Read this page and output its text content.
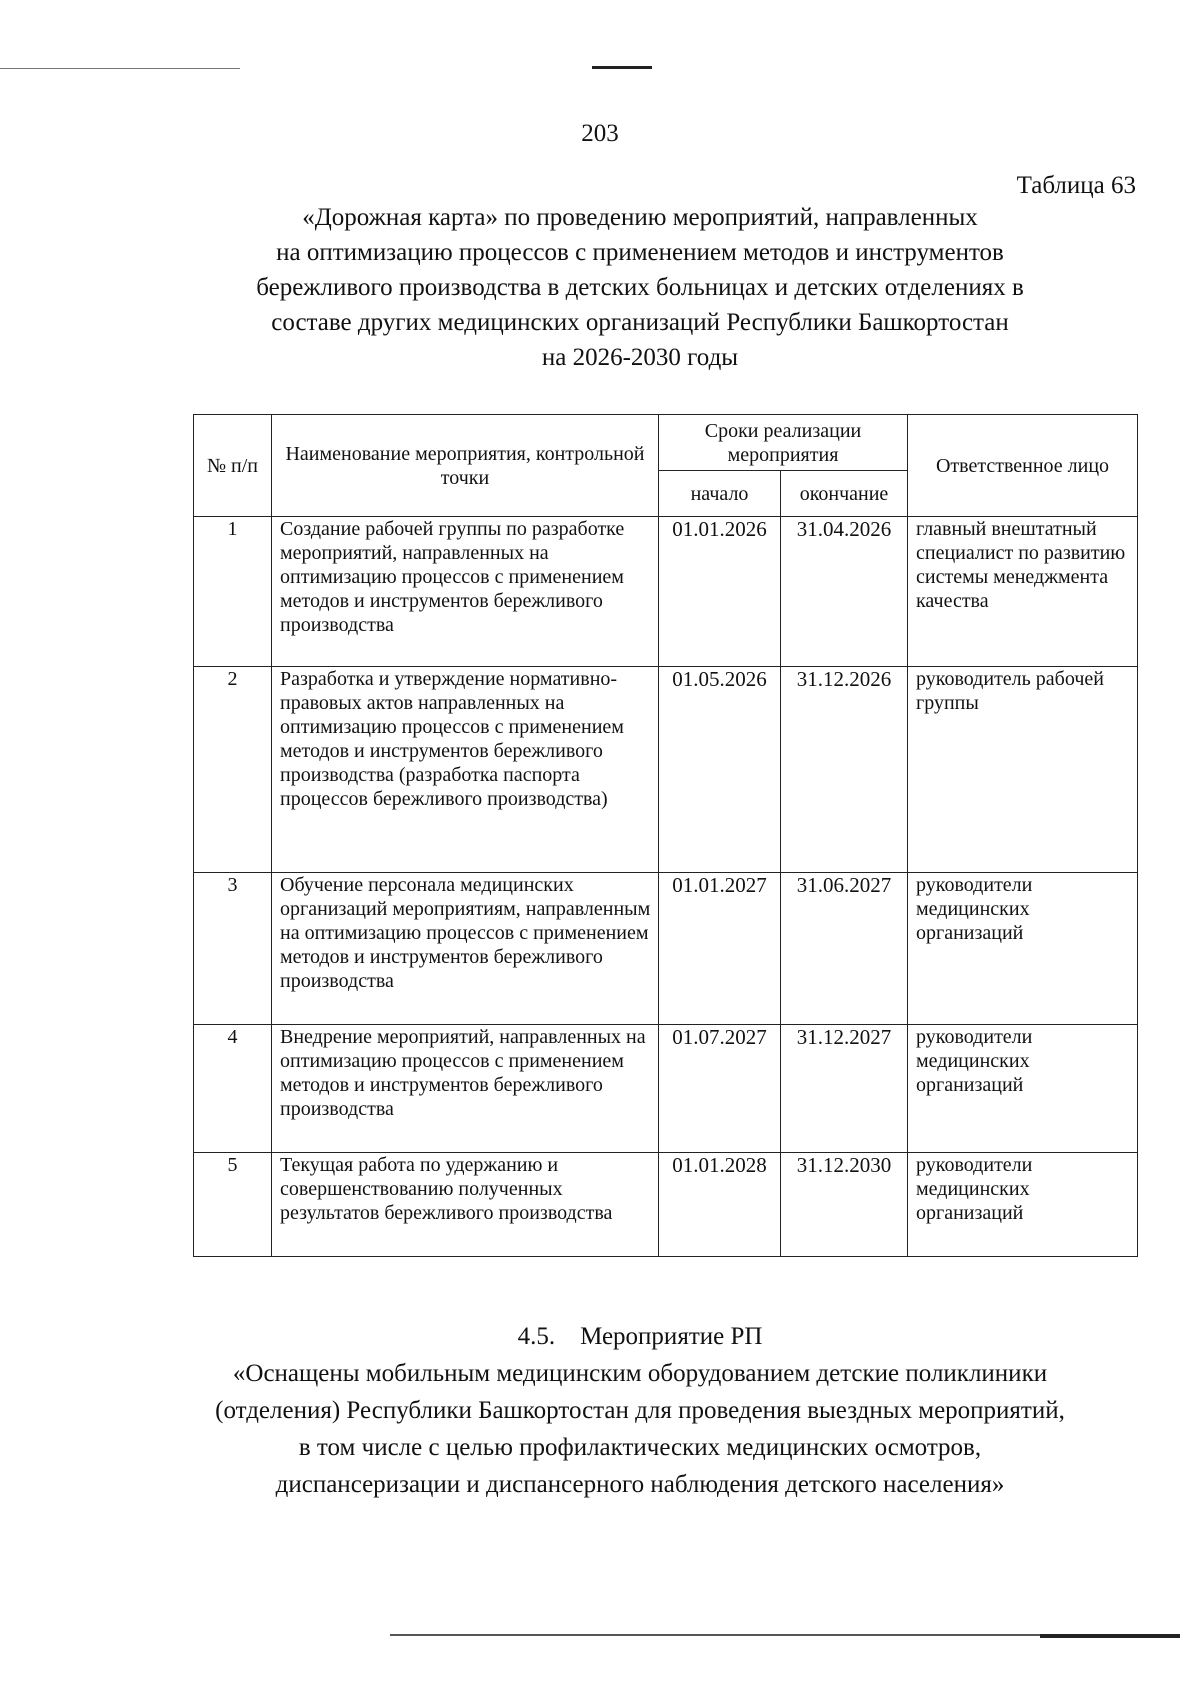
203
Таблица 63
«Дорожная карта» по проведению мероприятий, направленных
на оптимизацию процессов с применением методов и инструментов
бережливого производства в детских больницах и детских отделениях в
составе других медицинских организаций Республики Башкортостан
на 2026-2030 годы
№ п/п	Наименование мероприятия, контрольной точки	Сроки реализации мероприятия		Ответственное лицо
		начало	окончание	
1	Создание рабочей группы по разработке мероприятий, направленных на оптимизацию процессов с применением методов и инструментов бережливого производства	01.01.2026	31.04.2026	главный внештатный специалист по развитию системы менеджмента качества
2	Разработка и утверждение нормативно-правовых актов направленных на оптимизацию процессов с применением методов и инструментов бережливого производства (разработка паспорта процессов бережливого производства)	01.05.2026	31.12.2026	руководитель рабочей группы
3	Обучение персонала медицинских организаций мероприятиям, направленным на оптимизацию процессов с применением методов и инструментов бережливого производства	01.01.2027	31.06.2027	руководители медицинских организаций
4	Внедрение мероприятий, направленных на оптимизацию процессов с применением методов и инструментов бережливого производства	01.07.2027	31.12.2027	руководители медицинских организаций
5	Текущая работа по удержанию и совершенствованию полученных результатов бережливого производства	01.01.2028	31.12.2030	руководители медицинских организаций
4.5.    Мероприятие РП
«Оснащены мобильным медицинским оборудованием детские поликлиники
(отделения) Республики Башкортостан для проведения выездных мероприятий,
в том числе с целью профилактических медицинских осмотров,
диспансеризации и диспансерного наблюдения детского населения»
